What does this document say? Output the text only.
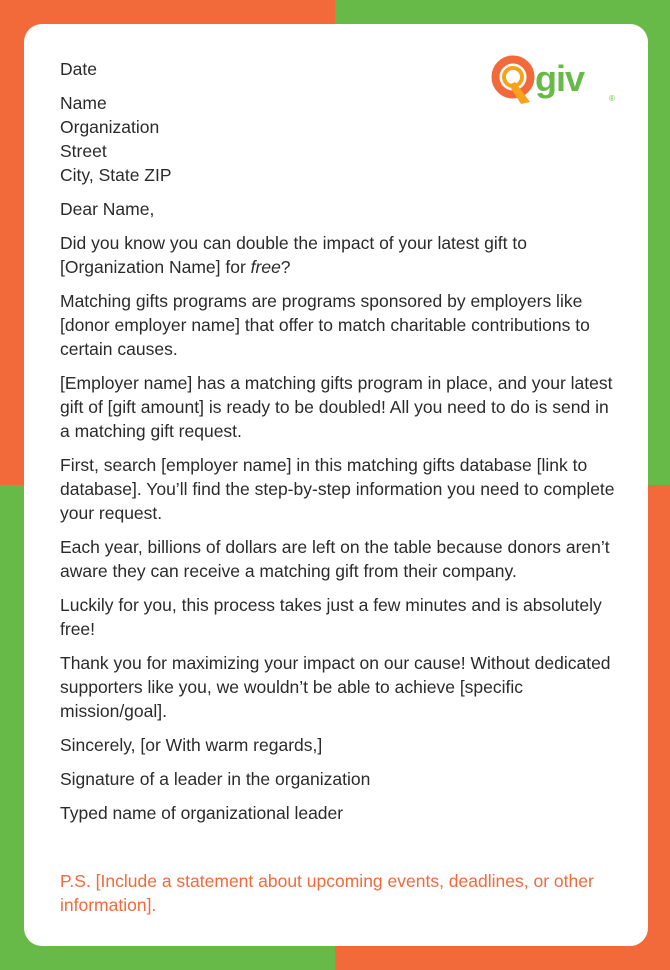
giv	®

Date

Name
Organization
Street
City, State ZIP

Dear Name,

Did you know you can double the impact of your latest gift to [Organization Name] for free?

Matching gifts programs are programs sponsored by employers like [donor employer name] that offer to match charitable contributions to certain causes.

[Employer name] has a matching gifts program in place, and your latest gift of [gift amount] is ready to be doubled! All you need to do is send in a matching gift request.

First, search [employer name] in this matching gifts database [link to database]. You’ll find the step-by-step information you need to complete your request.

Each year, billions of dollars are left on the table because donors aren’t aware they can receive a matching gift from their company.

Luckily for you, this process takes just a few minutes and is absolutely free!

Thank you for maximizing your impact on our cause! Without dedicated supporters like you, we wouldn’t be able to achieve [specific mission/goal].

Sincerely, [or With warm regards,]

Signature of a leader in the organization

Typed name of organizational leader

P.S. [Include a statement about upcoming events, deadlines, or other information].
